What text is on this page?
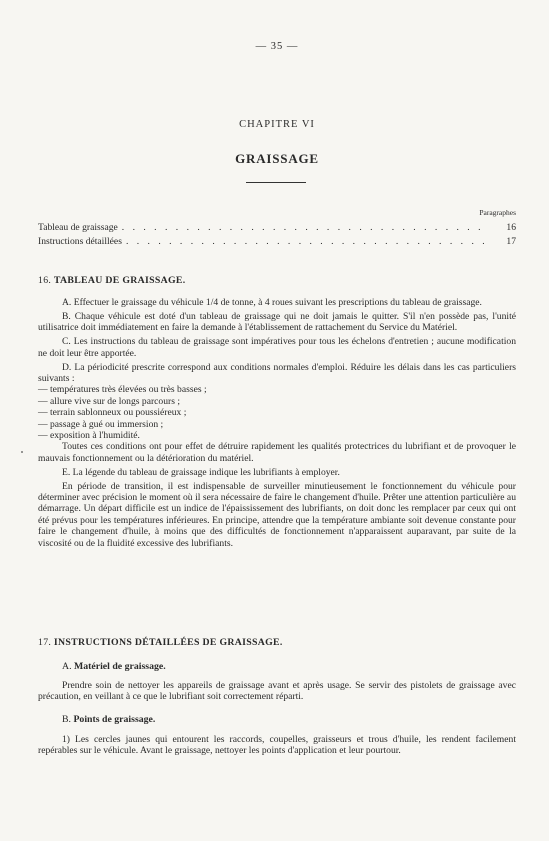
— 35 —
CHAPITRE VI
GRAISSAGE
Paragraphes
Tableau de graissage . . .	16
Instructions détaillées . . .	17
16. TABLEAU DE GRAISSAGE.

A. Effectuer le graissage du véhicule 1/4 de tonne, à 4 roues suivant les prescriptions du tableau de graissage.

B. Chaque véhicule est doté d'un tableau de graissage qui ne doit jamais le quitter. S'il n'en possède pas, l'unité utilisatrice doit immédiatement en faire la demande à l'établissement de rattachement du Service du Matériel.

C. Les instructions du tableau de graissage sont impératives pour tous les échelons d'entretien ; aucune modification ne doit leur être apportée.

D. La périodicité prescrite correspond aux conditions normales d'emploi. Réduire les délais dans les cas particuliers suivants :

— températures très élevées ou très basses ;
— allure vive sur de longs parcours ;
— terrain sablonneux ou poussiéreux ;
— passage à gué ou immersion ;
— exposition à l'humidité.

Toutes ces conditions ont pour effet de détruire rapidement les qualités protectrices du lubrifiant et de provoquer le mauvais fonctionnement ou la détérioration du matériel.

E. La légende du tableau de graissage indique les lubrifiants à employer.

En période de transition, il est indispensable de surveiller minutieusement le fonctionnement du véhicule pour déterminer avec précision le moment où il sera nécessaire de faire le changement d'huile. Prêter une attention particulière au démarrage. Un départ difficile est un indice de l'épaississement des lubrifiants, on doit donc les remplacer par ceux qui ont été prévus pour les températures inférieures. En principe, attendre que la température ambiante soit devenue constante pour faire le changement d'huile, à moins que des difficultés de fonctionnement n'apparaissent auparavant, par suite de la viscosité ou de la fluidité excessive des lubrifiants.

17. INSTRUCTIONS DÉTAILLÉES DE GRAISSAGE.
A. Matériel de graissage.

Prendre soin de nettoyer les appareils de graissage avant et après usage. Se servir des pistolets de graissage avec précaution, en veillant à ce que le lubrifiant soit correctement réparti.

B. Points de graissage.

1) Les cercles jaunes qui entourent les raccords, coupelles, graisseurs et trous d'huile, les rendent facilement repérables sur le véhicule. Avant le graissage, nettoyer les points d'application et leur pourtour.
